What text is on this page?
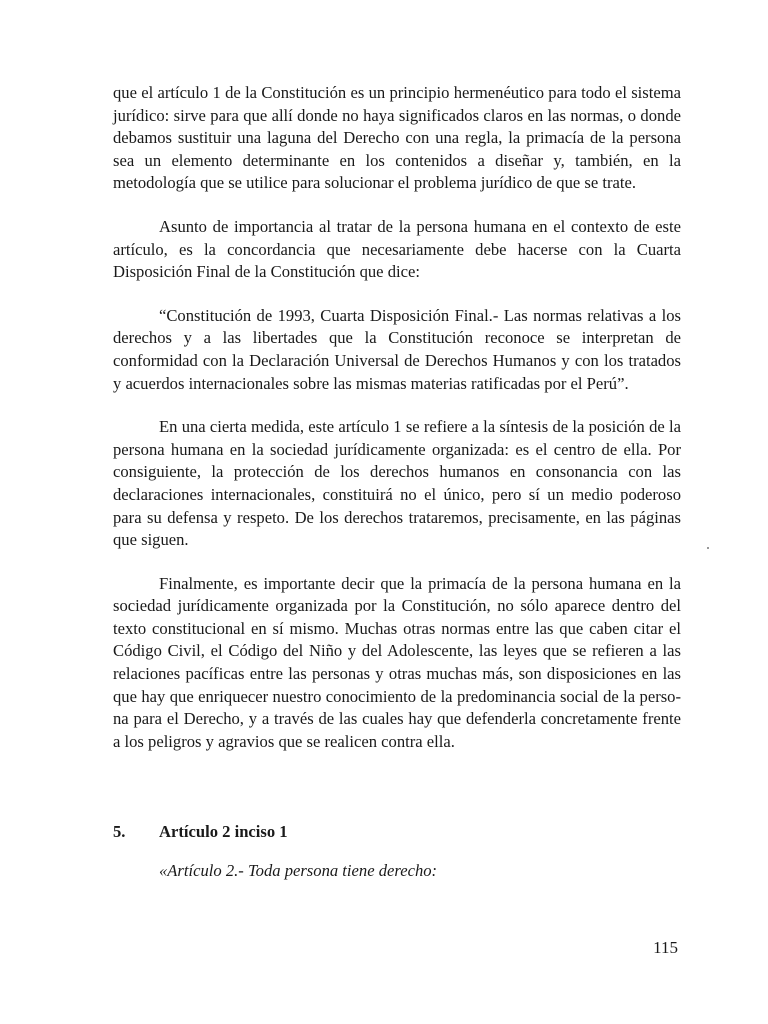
que el artículo 1 de la Constitución es un principio hermenéutico para todo el sistema jurídico: sirve para que allí donde no haya significados claros en las normas, o donde debamos sustituir una laguna del Derecho con una regla, la primacía de la persona sea un elemento determinante en los contenidos a diseñar y, también, en la metodología que se utilice para solucionar el problema jurídico de que se trate.

Asunto de importancia al tratar de la persona humana en el contexto de este artículo, es la concordancia que necesariamente debe hacerse con la Cuarta Disposición Final de la Constitución que dice:

“Constitución de 1993, Cuarta Disposición Final.- Las normas relativas a los derechos y a las libertades que la Constitución reconoce se interpretan de conformidad con la Declaración Universal de Derechos Humanos y con los tratados y acuerdos internacionales sobre las mismas materias ratificadas por el Perú”.

En una cierta medida, este artículo 1 se refiere a la síntesis de la posición de la persona humana en la sociedad jurídicamente organizada: es el centro de ella. Por consiguiente, la protección de los derechos humanos en consonancia con las declaraciones internacionales, constituirá no el único, pero sí un medio poderoso para su defensa y respeto. De los derechos trataremos, precisamente, en las páginas que siguen.

Finalmente, es importante decir que la primacía de la persona humana en la sociedad jurídicamente organizada por la Constitución, no sólo aparece dentro del texto constitucional en sí mismo. Muchas otras normas entre las que caben citar el Código Civil, el Código del Niño y del Adolescente, las leyes que se refieren a las relaciones pacíficas entre las personas y otras muchas más, son disposiciones en las que hay que enriquecer nuestro conocimiento de la predominancia social de la persona para el Derecho, y a través de las cuales hay que defenderla concretamente frente a los peligros y agravios que se realicen contra ella.

5.	Artículo 2 inciso 1
«Artículo 2.- Toda persona tiene derecho:
115
